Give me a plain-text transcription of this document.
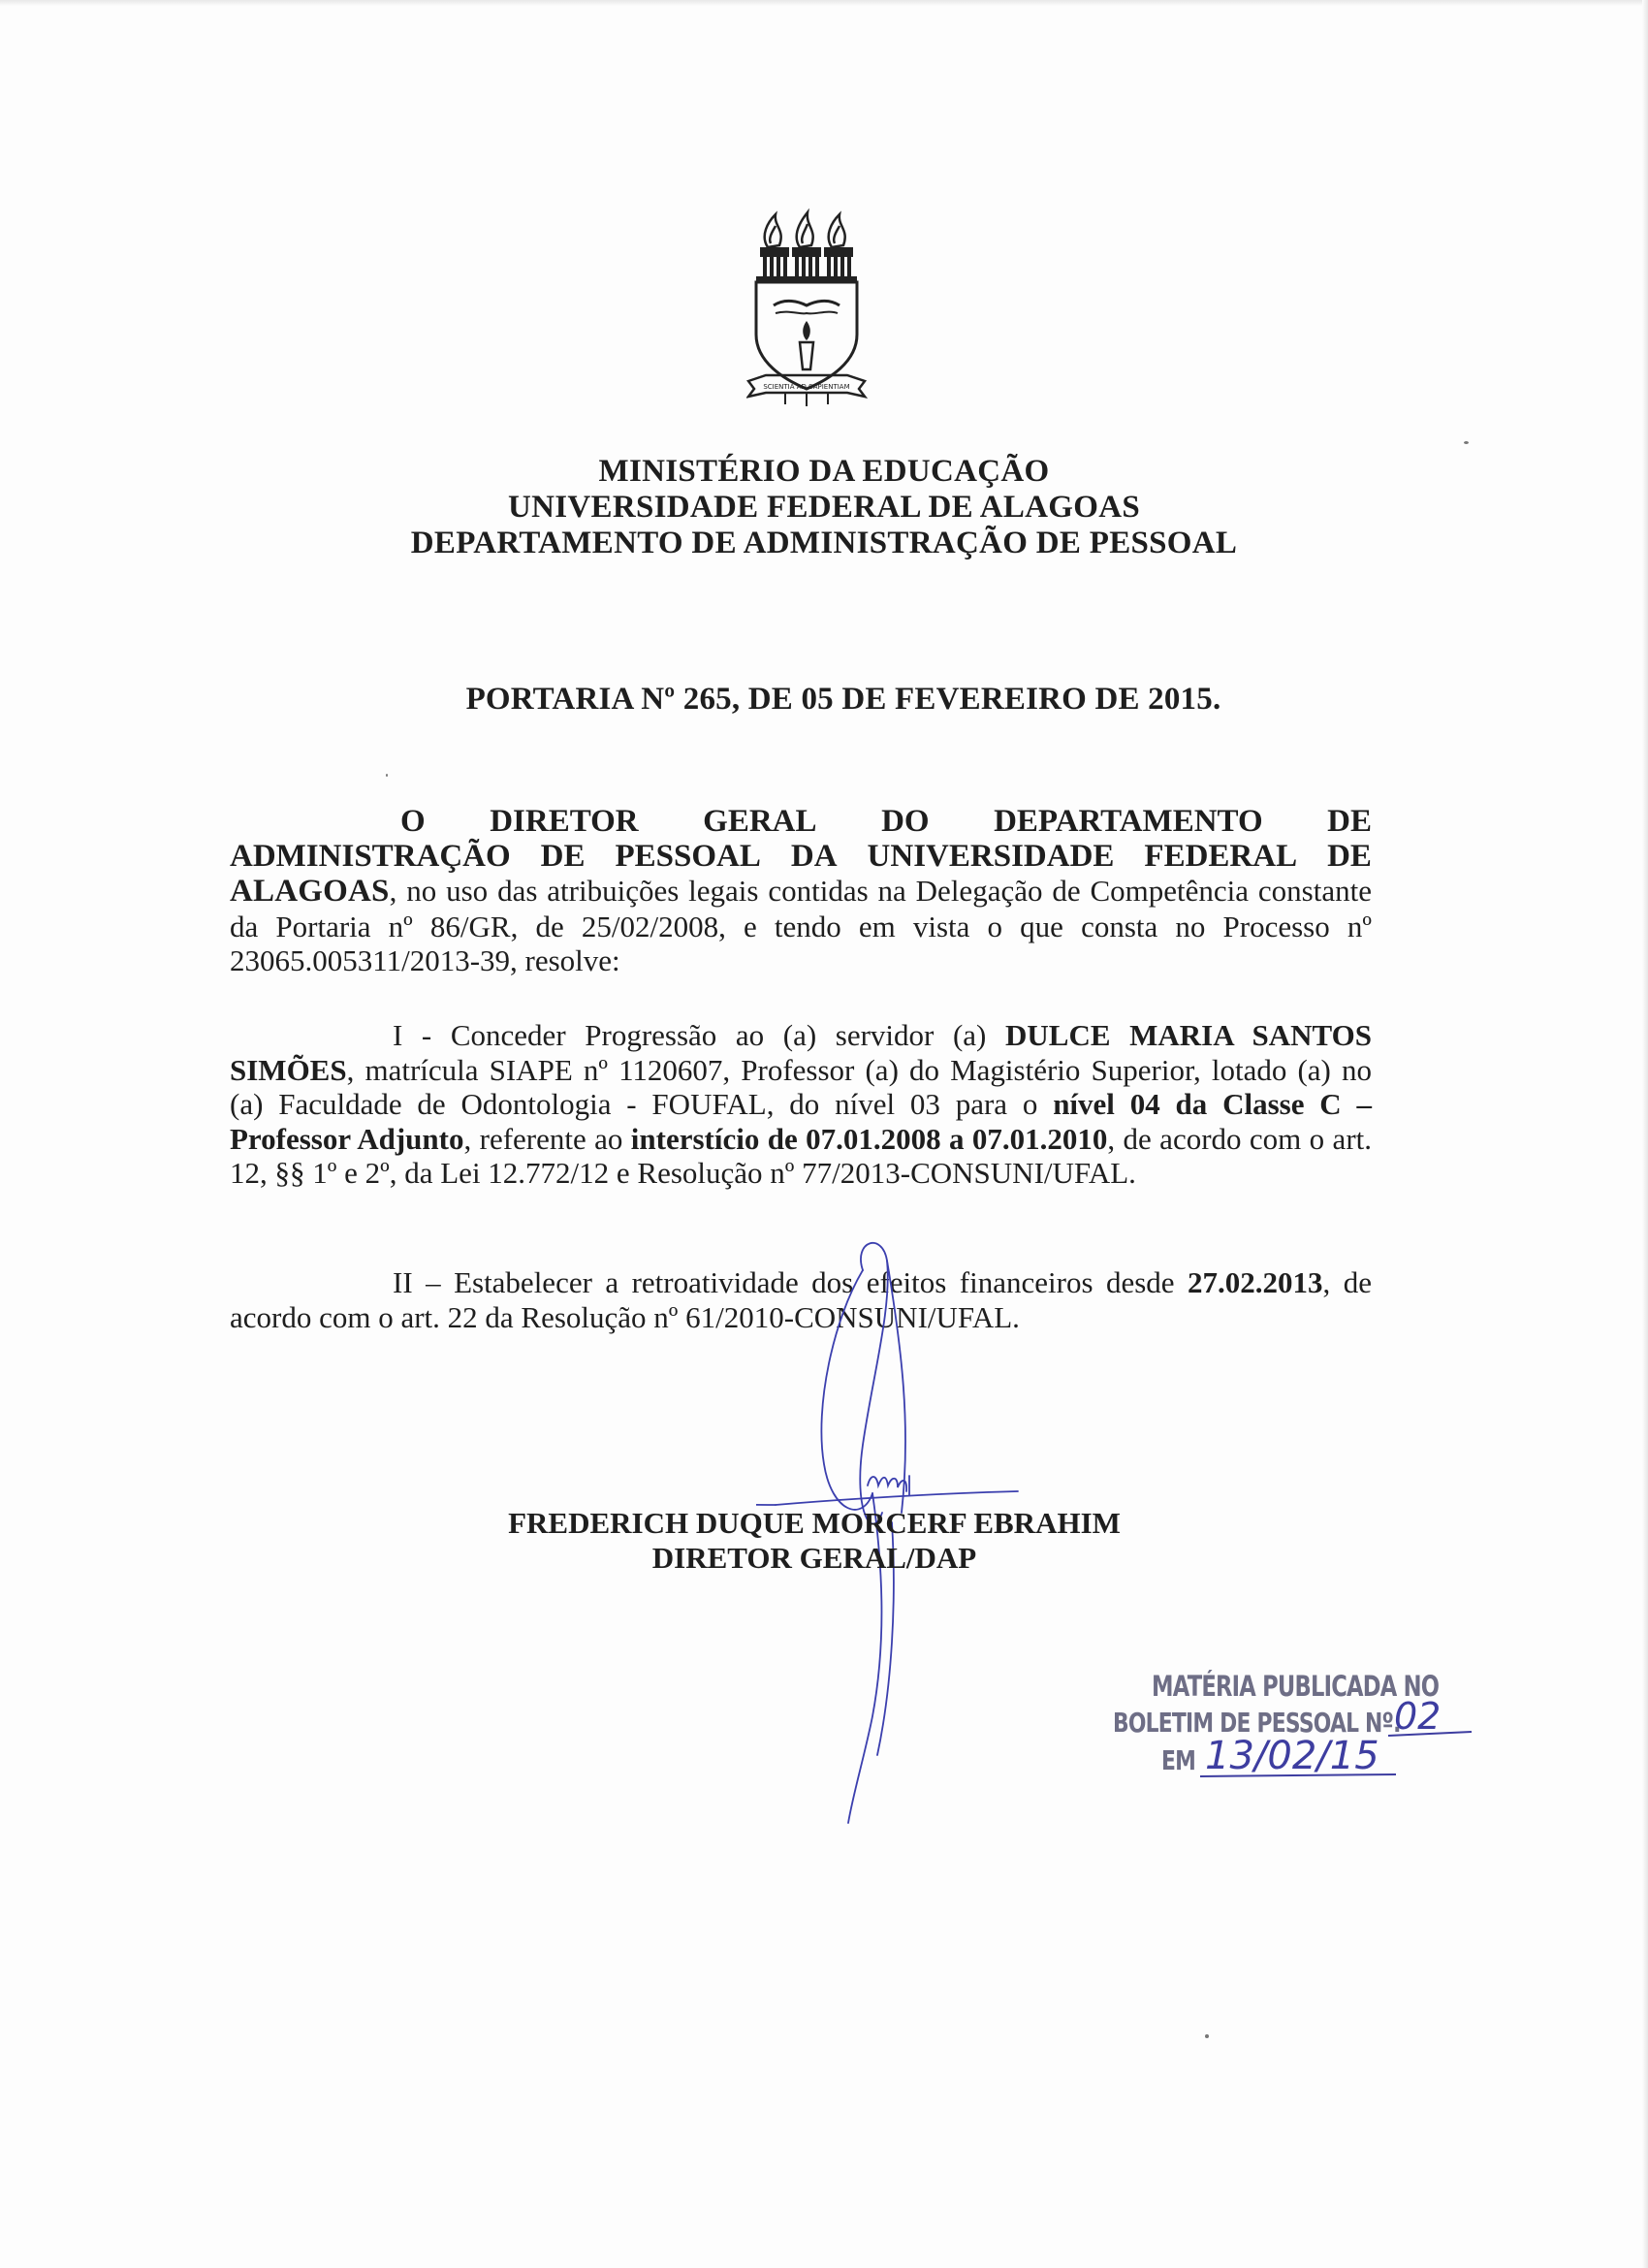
SCIENTIA AD SAPIENTIAM
MINISTÉRIO DA EDUCAÇÃO
UNIVERSIDADE FEDERAL DE ALAGOAS
DEPARTAMENTO DE ADMINISTRAÇÃO DE PESSOAL
PORTARIA Nº 265, DE 05 DE FEVEREIRO DE 2015.
O DIRETOR GERAL DO DEPARTAMENTO DE
ADMINISTRAÇÃO DE PESSOAL DA UNIVERSIDADE FEDERAL DE
ALAGOAS, no uso das atribuições legais contidas na Delegação de Competência constante da Portaria nº 86/GR, de 25/02/2008, e tendo em vista o que consta no Processo nº 23065.005311/2013-39, resolve:
I - Conceder Progressão ao (a) servidor (a) DULCE MARIA SANTOS SIMÕES, matrícula SIAPE nº 1120607, Professor (a) do Magistério Superior, lotado (a) no (a) Faculdade de Odontologia - FOUFAL, do nível 03 para o nível 04 da Classe C – Professor Adjunto, referente ao interstício de 07.01.2008 a 07.01.2010, de acordo com o art. 12, §§ 1º e 2º, da Lei 12.772/12 e Resolução nº 77/2013-CONSUNI/UFAL.
II – Estabelecer a retroatividade dos efeitos financeiros desde 27.02.2013, de acordo com o art. 22 da Resolução nº 61/2010-CONSUNI/UFAL.
FREDERICH DUQUE MORCERF EBRAHIM
DIRETOR GERAL/DAP
MATÉRIA PUBLICADA NO
BOLETIM DE PESSOAL Nº.
EM
02
13/02/15
